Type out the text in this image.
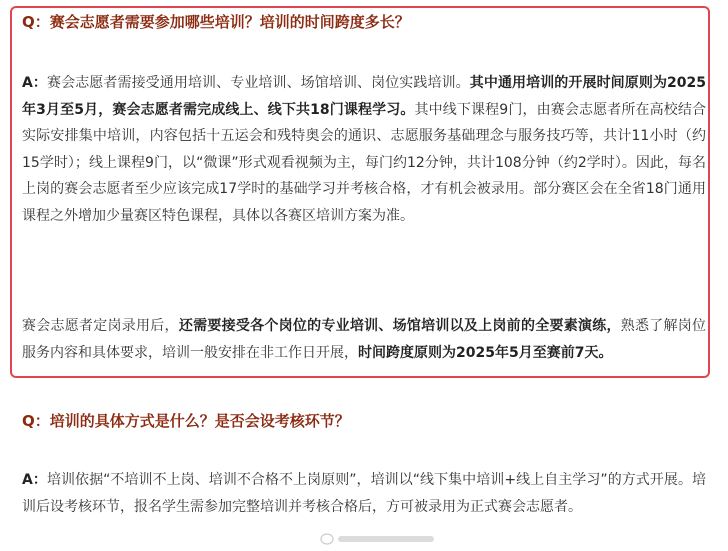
Q：赛会志愿者需要参加哪些培训？培训的时间跨度多长？
A：赛会志愿者需接受通用培训、专业培训、场馆培训、岗位实践培训。其中通用培训的开展时间原则为2025年3月至5月，赛会志愿者需完成线上、线下共18门课程学习。其中线下课程9门，由赛会志愿者所在高校结合实际安排集中培训，内容包括十五运会和残特奥会的通识、志愿服务基础理念与服务技巧等，共计11小时（约15学时）；线上课程9门，以“微课”形式观看视频为主，每门约12分钟，共计108分钟（约2学时）。因此，每名上岗的赛会志愿者至少应该完成17学时的基础学习并考核合格，才有机会被录用。部分赛区会在全省18门通用课程之外增加少量赛区特色课程，具体以各赛区培训方案为准。
赛会志愿者定岗录用后，还需要接受各个岗位的专业培训、场馆培训以及上岗前的全要素演练，熟悉了解岗位服务内容和具体要求，培训一般安排在非工作日开展，时间跨度原则为2025年5月至赛前7天。
Q：培训的具体方式是什么？是否会设考核环节？
A：培训依据“不培训不上岗、培训不合格不上岗原则”，培训以“线下集中培训+线上自主学习”的方式开展。培训后设考核环节，报名学生需参加完整培训并考核合格后，方可被录用为正式赛会志愿者。
